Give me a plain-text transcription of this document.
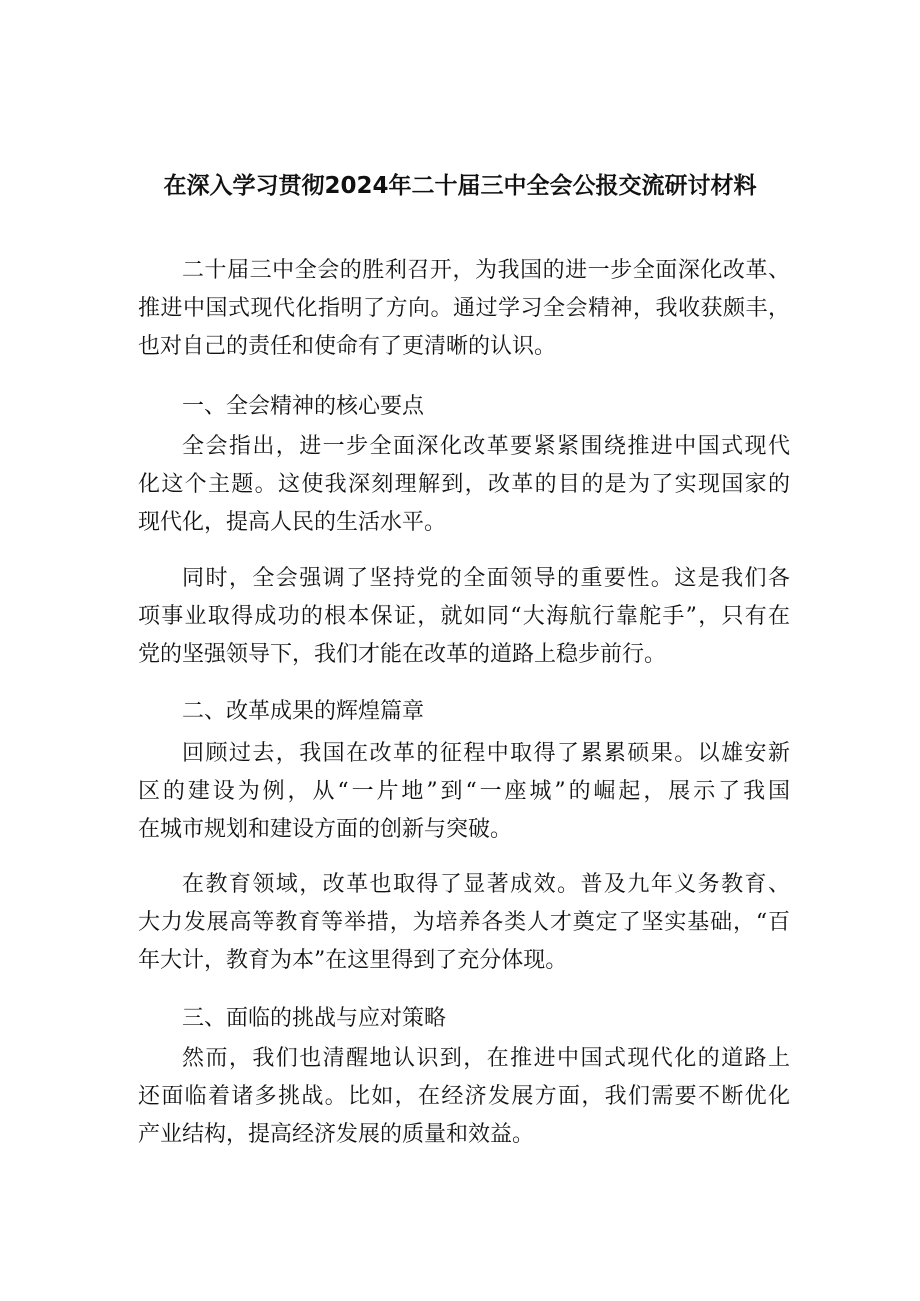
在深入学习贯彻2024年二十届三中全会公报交流研讨材料
二十届三中全会的胜利召开，为我国的进一步全面深化改革、
推进中国式现代化指明了方向。通过学习全会精神，我收获颇丰，
也对自己的责任和使命有了更清晰的认识。
一、全会精神的核心要点
全会指出，进一步全面深化改革要紧紧围绕推进中国式现代
化这个主题。这使我深刻理解到，改革的目的是为了实现国家的
现代化，提高人民的生活水平。
同时，全会强调了坚持党的全面领导的重要性。这是我们各
项事业取得成功的根本保证，就如同“大海航行靠舵手”，只有在
党的坚强领导下，我们才能在改革的道路上稳步前行。
二、改革成果的辉煌篇章
回顾过去，我国在改革的征程中取得了累累硕果。以雄安新
区的建设为例，从“一片地”到“一座城”的崛起，展示了我国
在城市规划和建设方面的创新与突破。
在教育领域，改革也取得了显著成效。普及九年义务教育、
大力发展高等教育等举措，为培养各类人才奠定了坚实基础，“百
年大计，教育为本”在这里得到了充分体现。
三、面临的挑战与应对策略
然而，我们也清醒地认识到，在推进中国式现代化的道路上
还面临着诸多挑战。比如，在经济发展方面，我们需要不断优化
产业结构，提高经济发展的质量和效益。
